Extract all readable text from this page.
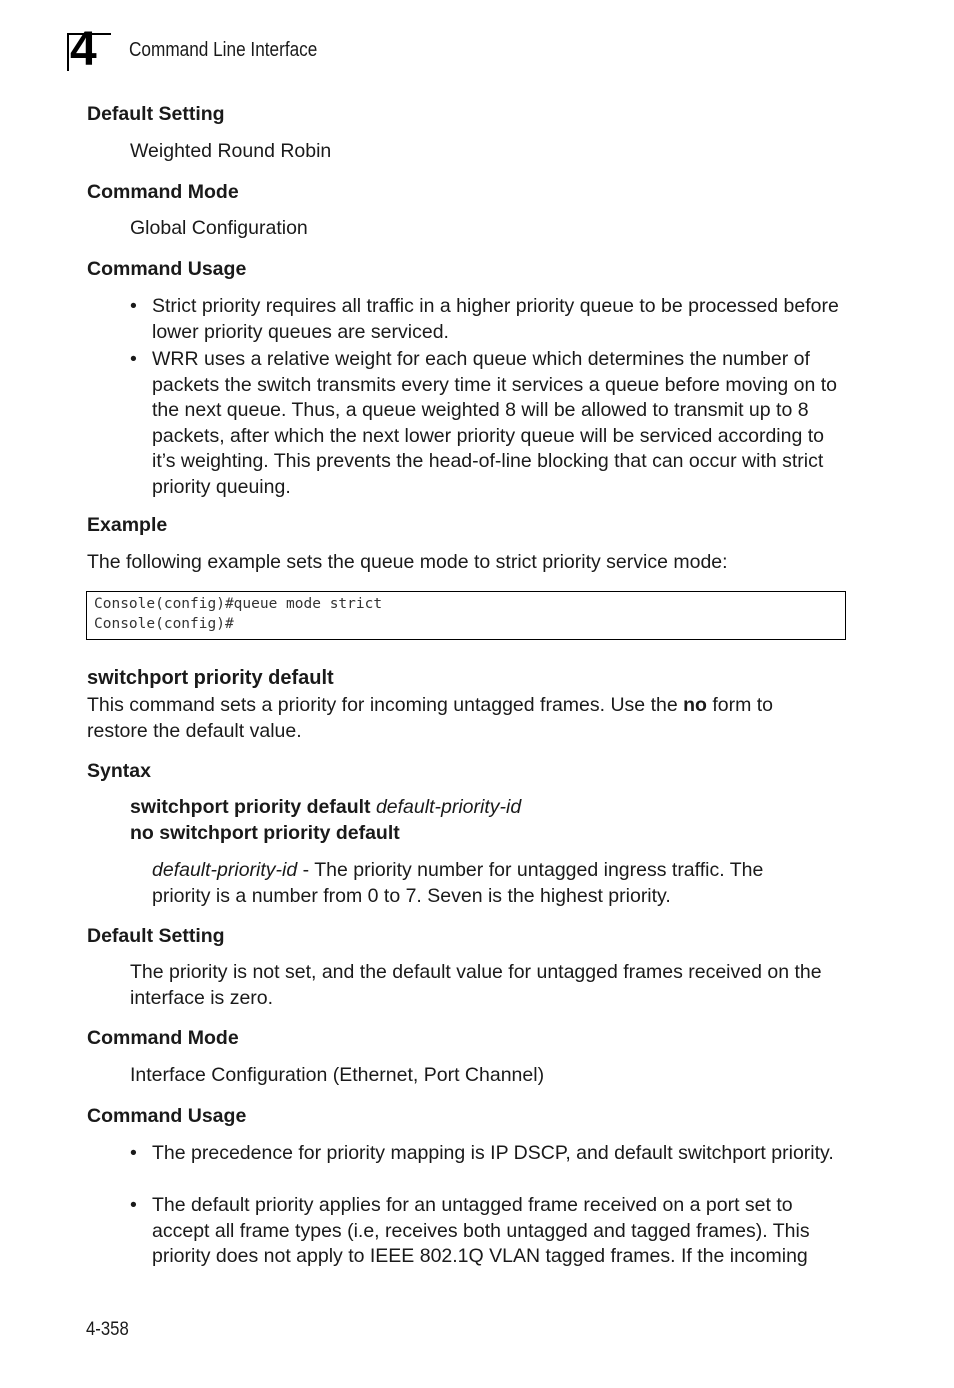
4 Command Line Interface
Default Setting
Weighted Round Robin
Command Mode
Global Configuration
Command Usage
• Strict priority requires all traffic in a higher priority queue to be processed before lower priority queues are serviced.
• WRR uses a relative weight for each queue which determines the number of packets the switch transmits every time it services a queue before moving on to the next queue. Thus, a queue weighted 8 will be allowed to transmit up to 8 packets, after which the next lower priority queue will be serviced according to it’s weighting. This prevents the head-of-line blocking that can occur with strict priority queuing.
Example
The following example sets the queue mode to strict priority service mode:
Console(config)#queue mode strict
Console(config)#
switchport priority default
This command sets a priority for incoming untagged frames. Use the no form to restore the default value.
Syntax
switchport priority default default-priority-id
no switchport priority default
default-priority-id - The priority number for untagged ingress traffic. The priority is a number from 0 to 7. Seven is the highest priority.
Default Setting
The priority is not set, and the default value for untagged frames received on the interface is zero.
Command Mode
Interface Configuration (Ethernet, Port Channel)
Command Usage
• The precedence for priority mapping is IP DSCP, and default switchport priority.
• The default priority applies for an untagged frame received on a port set to accept all frame types (i.e, receives both untagged and tagged frames). This priority does not apply to IEEE 802.1Q VLAN tagged frames. If the incoming
4-358
